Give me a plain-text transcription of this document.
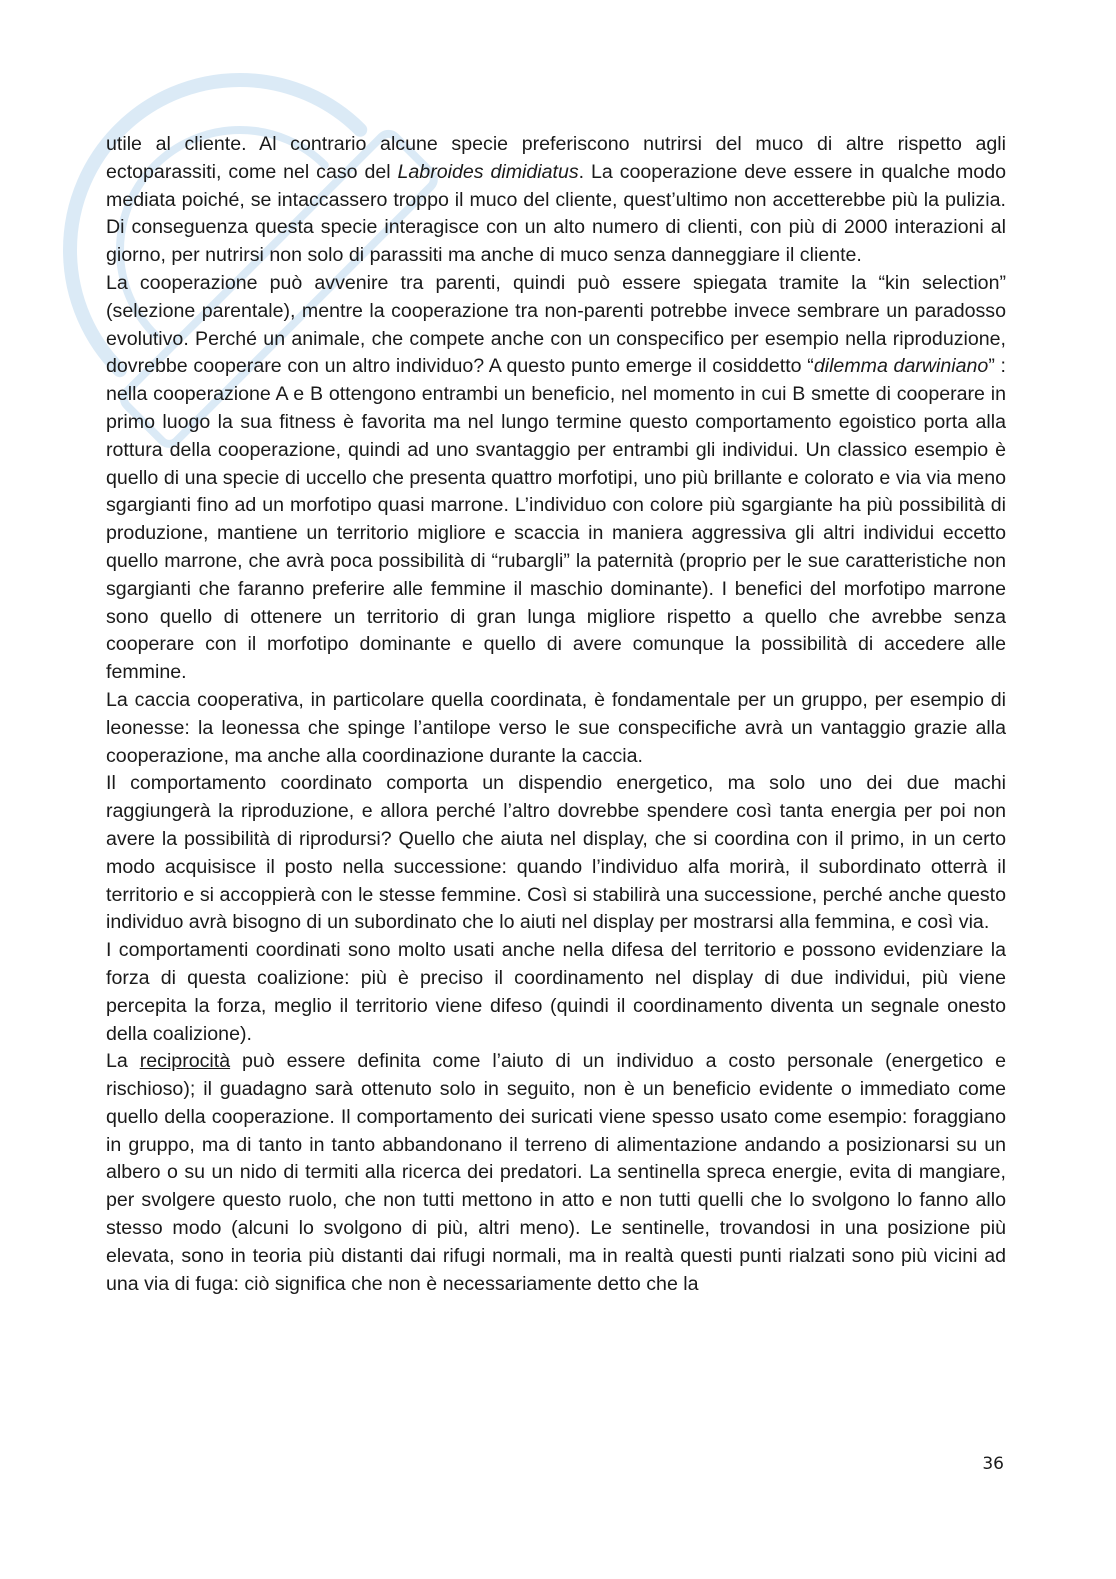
utile al cliente. Al contrario alcune specie preferiscono nutrirsi del muco di altre rispetto agli ectoparassiti, come nel caso del Labroides dimidiatus. La cooperazione deve essere in qualche modo mediata poiché, se intaccassero troppo il muco del cliente, quest’ultimo non accetterebbe più la pulizia. Di conseguenza questa specie interagisce con un alto numero di clienti, con più di 2000 interazioni al giorno, per nutrirsi non solo di parassiti ma anche di muco senza danneggiare il cliente.

La cooperazione può avvenire tra parenti, quindi può essere spiegata tramite la “kin selection” (selezione parentale), mentre la cooperazione tra non-parenti potrebbe invece sembrare un paradosso evolutivo. Perché un animale, che compete anche con un conspecifico per esempio nella riproduzione, dovrebbe cooperare con un altro individuo? A questo punto emerge il cosiddetto “dilemma darwiniano” : nella cooperazione A e B ottengono entrambi un beneficio, nel momento in cui B smette di cooperare in primo luogo la sua fitness è favorita ma nel lungo termine questo comportamento egoistico porta alla rottura della cooperazione, quindi ad uno svantaggio per entrambi gli individui. Un classico esempio è quello di una specie di uccello che presenta quattro morfotipi, uno più brillante e colorato e via via meno sgargianti fino ad un morfotipo quasi marrone. L’individuo con colore più sgargiante ha più possibilità di produzione, mantiene un territorio migliore e scaccia in maniera aggressiva gli altri individui eccetto quello marrone, che avrà poca possibilità di “rubargli” la paternità (proprio per le sue caratteristiche non sgargianti che faranno preferire alle femmine il maschio dominante). I benefici del morfotipo marrone sono quello di ottenere un territorio di gran lunga migliore rispetto a quello che avrebbe senza cooperare con il morfotipo dominante e quello di avere comunque la possibilità di accedere alle femmine.

La caccia cooperativa, in particolare quella coordinata, è fondamentale per un gruppo, per esempio di leonesse: la leonessa che spinge l’antilope verso le sue conspecifiche avrà un vantaggio grazie alla cooperazione, ma anche alla coordinazione durante la caccia.

Il comportamento coordinato comporta un dispendio energetico, ma solo uno dei due machi raggiungerà la riproduzione, e allora perché l’altro dovrebbe spendere così tanta energia per poi non avere la possibilità di riprodursi? Quello che aiuta nel display, che si coordina con il primo, in un certo modo acquisisce il posto nella successione: quando l’individuo alfa morirà, il subordinato otterrà il territorio e si accoppierà con le stesse femmine. Così si stabilirà una successione, perché anche questo individuo avrà bisogno di un subordinato che lo aiuti nel display per mostrarsi alla femmina, e così via.

I comportamenti coordinati sono molto usati anche nella difesa del territorio e possono evidenziare la forza di questa coalizione: più è preciso il coordinamento nel display di due individui, più viene percepita la forza, meglio il territorio viene difeso (quindi il coordinamento diventa un segnale onesto della coalizione).

La reciprocità può essere definita come l’aiuto di un individuo a costo personale (energetico e rischioso); il guadagno sarà ottenuto solo in seguito, non è un beneficio evidente o immediato come quello della cooperazione. Il comportamento dei suricati viene spesso usato come esempio: foraggiano in gruppo, ma di tanto in tanto abbandonano il terreno di alimentazione andando a posizionarsi su un albero o su un nido di termiti alla ricerca dei predatori. La sentinella spreca energie, evita di mangiare, per svolgere questo ruolo, che non tutti mettono in atto e non tutti quelli che lo svolgono lo fanno allo stesso modo (alcuni lo svolgono di più, altri meno). Le sentinelle, trovandosi in una posizione più elevata, sono in teoria più distanti dai rifugi normali, ma in realtà questi punti rialzati sono più vicini ad una via di fuga: ciò significa che non è necessariamente detto che la

36
